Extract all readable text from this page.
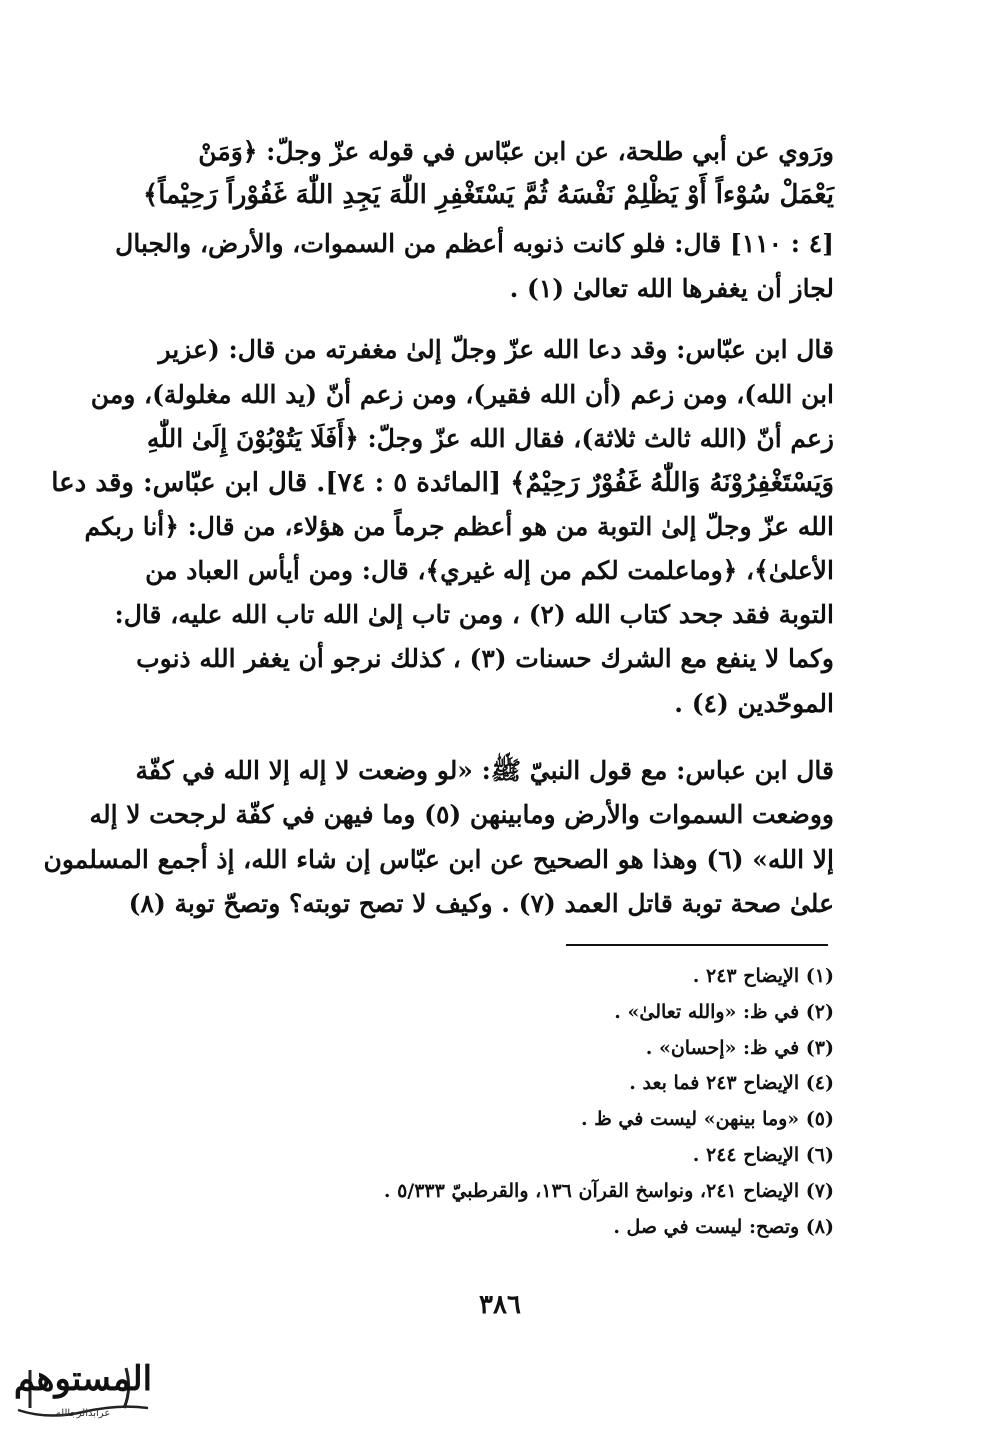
ورَوي عن أبي طلحة، عن ابن عبّاس في قوله عزّ وجلّ: ﴿وَمَنْ
يَعْمَلْ سُوْءاً أَوْ يَظْلِمْ نَفْسَهُ ثُمَّ يَسْتَغْفِرِ اللّٰهَ يَجِدِ اللّٰهَ غَفُوْراً رَحِيْماً﴾
[٤ : ١١٠] قال: فلو كانت ذنوبه أعظم من السموات، والأرض، والجبال
لجاز أن يغفرها الله تعالىٰ (١) .
قال ابن عبّاس: وقد دعا الله عزّ وجلّ إلىٰ مغفرته من قال: (عزير
ابن الله)، ومن زعم (أن الله فقير)، ومن زعم أنّ (يد الله مغلولة)، ومن
زعم أنّ (الله ثالث ثلاثة)، فقال الله عزّ وجلّ: ﴿أَفَلَا يَتُوْبُوْنَ إِلَىٰ اللّٰهِ
وَيَسْتَغْفِرُوْنَهُ وَاللّٰهُ غَفُوْرٌ رَحِيْمٌ﴾ [المائدة ٥ : ٧٤]. قال ابن عبّاس: وقد دعا
الله عزّ وجلّ إلىٰ التوبة من هو أعظم جرماً من هؤلاء، من قال: ﴿أنا ربكم
الأعلىٰ﴾، ﴿وماعلمت لكم من إله غيري﴾، قال: ومن أيأس العباد من
التوبة فقد جحد كتاب الله (٢) ، ومن تاب إلىٰ الله تاب الله عليه، قال:
وكما لا ينفع مع الشرك حسنات (٣) ، كذلك نرجو أن يغفر الله ذنوب
الموحّدين (٤) .
قال ابن عباس: مع قول النبيّ ﷺ: «لو وضعت لا إله إلا الله في كفّة
ووضعت السموات والأرض ومابينهن (٥) وما فيهن في كفّة لرجحت لا إله
إلا الله» (٦) وهذا هو الصحيح عن ابن عبّاس إن شاء الله، إذ أجمع المسلمون
علىٰ صحة توبة قاتل العمد (٧) . وكيف لا تصح توبته؟ وتصحّ توبة (٨)
(١) الإيضاح ٢٤٣ .
(٢) في ظ: «والله تعالىٰ» .
(٣) في ظ: «إحسان» .
(٤) الإيضاح ٢٤٣ فما بعد .
(٥) «وما بينهن» ليست في ظ .
(٦) الإيضاح ٢٤٤ .
(٧) الإيضاح ٢٤١، ونواسخ القرآن ١٣٦، والقرطبيّ ٥/٣٣٣ .
(٨) وتصح: ليست في صل .
٣٨٦
المستوهم
عرابدالرجالله
